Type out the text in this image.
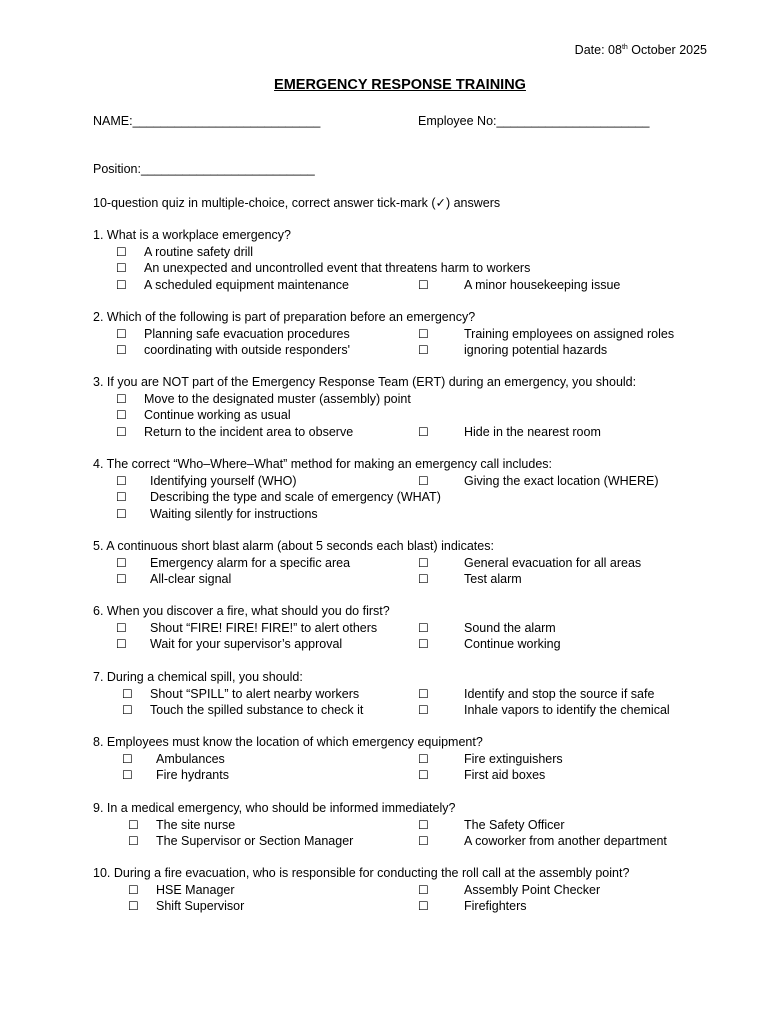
Date: 08th October 2025
EMERGENCY RESPONSE TRAINING
NAME:___________________________	Employee No:______________________
Position:_________________________
10-question quiz in multiple-choice, correct answer tick-mark (✓) answers
1. What is a workplace emergency?
☐ A routine safety drill
☐ An unexpected and uncontrolled event that threatens harm to workers
☐ A scheduled equipment maintenance	☐	A minor housekeeping issue
2. Which of the following is part of preparation before an emergency?
☐ Planning safe evacuation procedures	☐	Training employees on assigned roles
☐ coordinating with outside responders'	☐	ignoring potential hazards
3. If you are NOT part of the Emergency Response Team (ERT) during an emergency, you should:
☐ Move to the designated muster (assembly) point
☐ Continue working as usual
☐ Return to the incident area to observe	☐	Hide in the nearest room
4. The correct “Who–Where–What” method for making an emergency call includes:
☐ Identifying yourself (WHO)	☐	Giving the exact location (WHERE)
☐ Describing the type and scale of emergency (WHAT)
☐ Waiting silently for instructions
5. A continuous short blast alarm (about 5 seconds each blast) indicates:
☐ Emergency alarm for a specific area	☐	General evacuation for all areas
☐ All-clear signal	☐	Test alarm
6. When you discover a fire, what should you do first?
☐ Shout “FIRE! FIRE! FIRE!” to alert others	☐	Sound the alarm
☐ Wait for your supervisor’s approval	☐	Continue working
7. During a chemical spill, you should:
☐ Shout “SPILL” to alert nearby workers	☐	Identify and stop the source if safe
☐ Touch the spilled substance to check it	☐	Inhale vapors to identify the chemical
8. Employees must know the location of which emergency equipment?
☐ Ambulances	☐	Fire extinguishers
☐ Fire hydrants	☐	First aid boxes
9. In a medical emergency, who should be informed immediately?
☐ The site nurse	☐	The Safety Officer
☐ The Supervisor or Section Manager	☐	A coworker from another department
10. During a fire evacuation, who is responsible for conducting the roll call at the assembly point?
☐ HSE Manager	☐	Assembly Point Checker
☐ Shift Supervisor	☐	Firefighters
